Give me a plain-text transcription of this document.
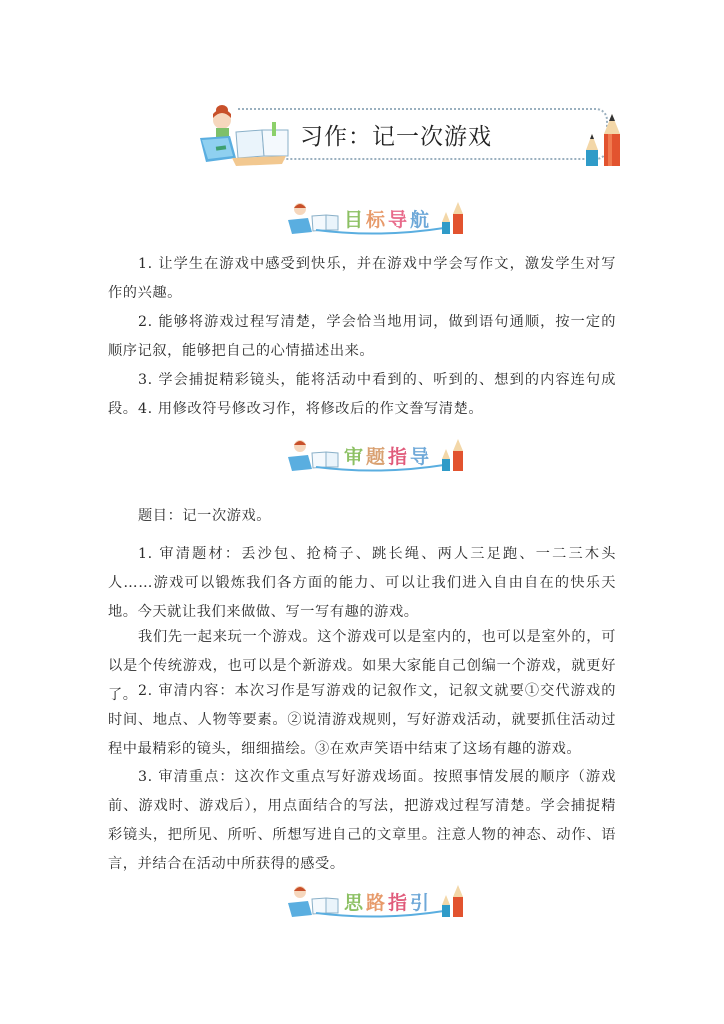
习作：记一次游戏
目标导航

1. 让学生在游戏中感受到快乐，并在游戏中学会写作文，激发学生对写作的兴趣。

2. 能够将游戏过程写清楚，学会恰当地用词，做到语句通顺，按一定的顺序记叙，能够把自己的心情描述出来。

3. 学会捕捉精彩镜头，能将活动中看到的、听到的、想到的内容连句成段。 4. 用修改符号修改习作，将修改后的作文誊写清楚。

审题指导

题目：记一次游戏。

1. 审清题材：丢沙包、抢椅子、跳长绳、两人三足跑、一二三木头人……游戏可以锻炼我们各方面的能力、可以让我们进入自由自在的快乐天地。今天就让我们来做做、写一写有趣的游戏。

我们先一起来玩一个游戏。这个游戏可以是室内的，也可以是室外的，可以是个传统游戏，也可以是个新游戏。如果大家能自己创编一个游戏，就更好了。 2. 审清内容：本次习作是写游戏的记叙作文，记叙文就要①交代游戏的时间、地点、人物等要素。②说清游戏规则，写好游戏活动，就要抓住活动过程中最精彩的镜头，细细描绘。③在欢声笑语中结束了这场有趣的游戏。

3. 审清重点：这次作文重点写好游戏场面。按照事情发展的顺序（游戏前、游戏时、游戏后），用点面结合的写法，把游戏过程写清楚。学会捕捉精彩镜头，把所见、所听、所想写进自己的文章里。注意人物的神态、动作、语言，并结合在活动中所获得的感受。

思路指引
